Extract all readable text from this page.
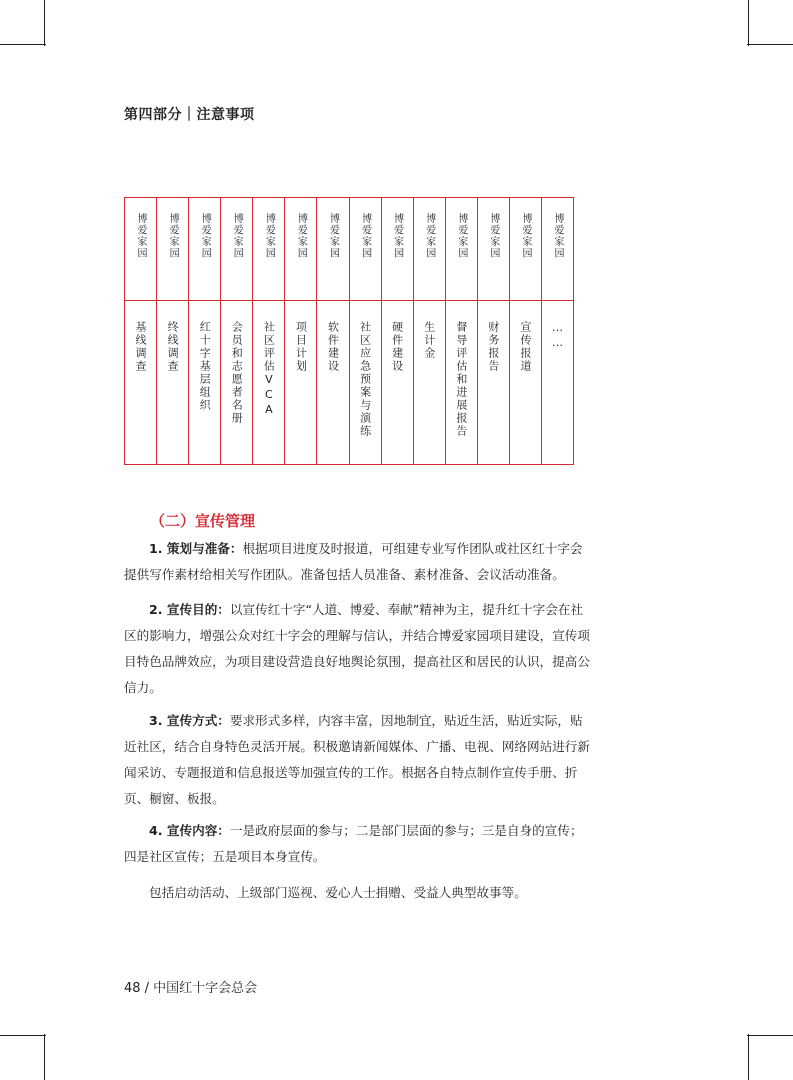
第四部分｜注意事项
博爱家园
基线调查
博爱家园
终线调查
博爱家园
红十字基层组织
博爱家园
会员和志愿者名册
博爱家园
社区评估VCA
博爱家园
项目计划
博爱家园
软件建设
博爱家园
社区应急预案与演练
博爱家园
硬件建设
博爱家园
生计金
博爱家园
督导评估和进展报告
博爱家园
财务报告
博爱家园
宣传报道
博爱家园
……
（二）宣传管理

1. 策划与准备：根据项目进度及时报道，可组建专业写作团队或社区红十字会提供写作素材给相关写作团队。准备包括人员准备、素材准备、会议活动准备。

2. 宣传目的：以宣传红十字“人道、博爱、奉献”精神为主，提升红十字会在社区的影响力，增强公众对红十字会的理解与信认，并结合博爱家园项目建设，宣传项目特色品牌效应，为项目建设营造良好地舆论氛围，提高社区和居民的认识，提高公信力。

3. 宣传方式：要求形式多样，内容丰富，因地制宜，贴近生活，贴近实际，贴近社区，结合自身特色灵活开展。积极邀请新闻媒体、广播、电视、网络网站进行新闻采访、专题报道和信息报送等加强宣传的工作。根据各自特点制作宣传手册、折页、橱窗、板报。

4. 宣传内容：一是政府层面的参与；二是部门层面的参与；三是自身的宣传；四是社区宣传；五是项目本身宣传。

包括启动活动、上级部门巡视、爱心人士捐赠、受益人典型故事等。

48 / 中国红十字会总会
